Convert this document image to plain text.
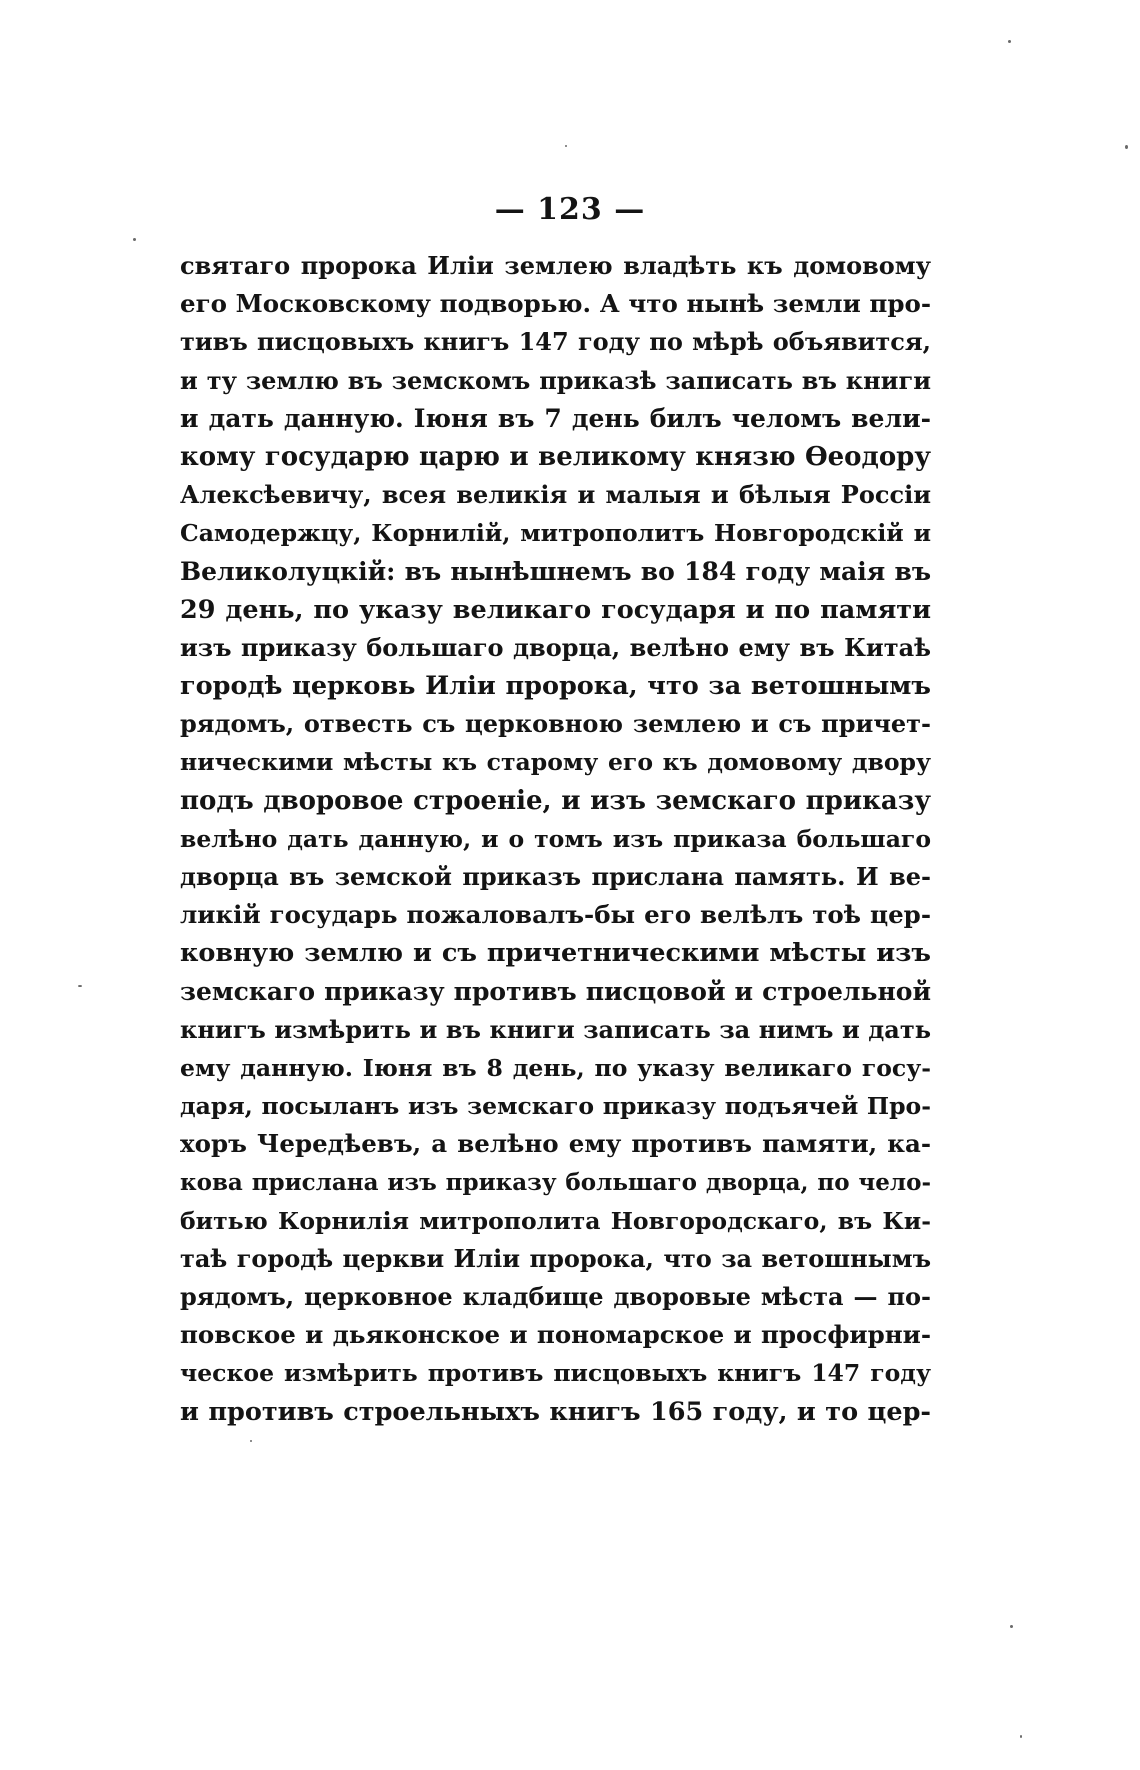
— 123 —
святаго пророка Илiи землею владѣть къ домовому
его Московскому подворью. А что нынѣ земли про-
тивъ писцовыхъ книгъ 147 году по мѣрѣ объявится,
и ту землю въ земскомъ приказѣ записать въ книги
и дать данную. Iюня въ 7 день билъ челомъ вели-
кому государю царю и великому князю Ѳеодору
Алексѣевичу, всея великiя и малыя и бѣлыя Россiи
Самодержцу, Корнилiй, митрополитъ Новгородскiй и
Великолуцкiй: въ нынѣшнемъ во 184 году маiя въ
29 день, по указу великаго государя и по памяти
изъ приказу большаго дворца, велѣно ему въ Китаѣ
городѣ церковь Илiи пророка, что за ветошнымъ
рядомъ, отвесть съ церковною землею и съ причет-
ническими мѣсты къ старому его къ домовому двору
подъ дворовое строенiе, и изъ земскаго приказу
велѣно дать данную, и о томъ изъ приказа большаго
дворца въ земской приказъ прислана память. И ве-
ликiй государь пожаловалъ-бы его велѣлъ тоѣ цер-
ковную землю и съ причетническими мѣсты изъ
земскаго приказу противъ писцовой и строельной
книгъ измѣрить и въ книги записать за нимъ и дать
ему данную. Iюня въ 8 день, по указу великаго госу-
даря, посыланъ изъ земскаго приказу подъячей Про-
хоръ Чередѣевъ, а велѣно ему противъ памяти, ка-
кова прислана изъ приказу большаго дворца, по чело-
битью Корнилiя митрополита Новгородскаго, въ Ки-
таѣ городѣ церкви Илiи пророка, что за ветошнымъ
рядомъ, церковное кладбище дворовые мѣста — по-
повское и дьяконское и пономарское и просфирни-
ческое измѣрить противъ писцовыхъ книгъ 147 году
и противъ строельныхъ книгъ 165 году, и то цер-
